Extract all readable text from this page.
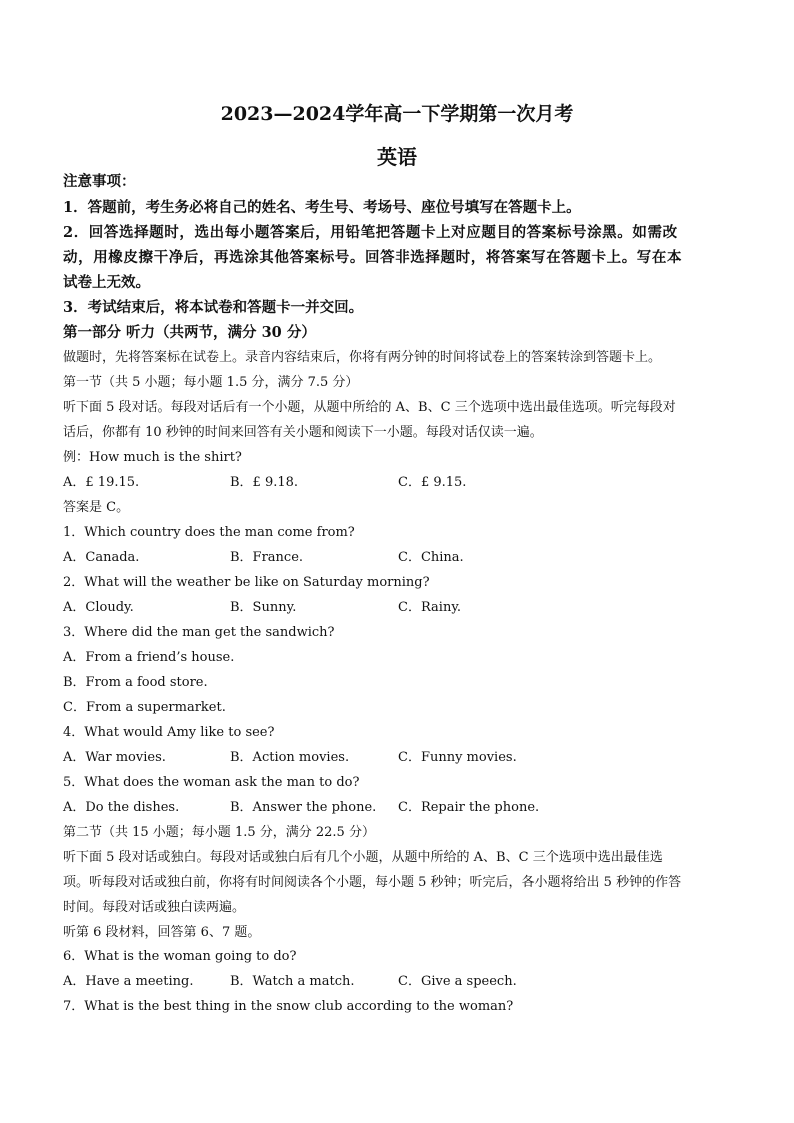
2023—2024学年高一下学期第一次月考
英语
注意事项：
1．答题前，考生务必将自己的姓名、考生号、考场号、座位号填写在答题卡上。
2．回答选择题时，选出每小题答案后，用铅笔把答题卡上对应题目的答案标号涂黑。如需改
动，用橡皮擦干净后，再选涂其他答案标号。回答非选择题时，将答案写在答题卡上。写在本
试卷上无效。
3．考试结束后，将本试卷和答题卡一并交回。
第一部分 听力（共两节，满分 30 分）
做题时，先将答案标在试卷上。录音内容结束后，你将有两分钟的时间将试卷上的答案转涂到答题卡上。
第一节（共 5 小题；每小题 1.5 分，满分 7.5 分）
听下面 5 段对话。每段对话后有一个小题，从题中所给的 A、B、C 三个选项中选出最佳选项。听完每段对
话后，你都有 10 秒钟的时间来回答有关小题和阅读下一小题。每段对话仅读一遍。
例：How much is the shirt?
A．£ 19.15.	B．£ 9.18.	C．£ 9.15.
答案是 C。
1．Which country does the man come from?
A．Canada.	B．France.	C．China.
2．What will the weather be like on Saturday morning?
A．Cloudy.	B．Sunny.	C．Rainy.
3．Where did the man get the sandwich?
A．From a friend’s house.
B．From a food store.
C．From a supermarket.
4．What would Amy like to see?
A．War movies.	B．Action movies.	C．Funny movies.
5．What does the woman ask the man to do?
A．Do the dishes.	B．Answer the phone. C．Repair the phone.
第二节（共 15 小题；每小题 1.5 分，满分 22.5 分）
听下面 5 段对话或独白。每段对话或独白后有几个小题，从题中所给的 A、B、C 三个选项中选出最佳选
项。听每段对话或独白前，你将有时间阅读各个小题，每小题 5 秒钟；听完后，各小题将给出 5 秒钟的作答
时间。每段对话或独白读两遍。
听第 6 段材料，回答第 6、7 题。
6．What is the woman going to do?
A．Have a meeting.	B．Watch a match.	C．Give a speech.
7．What is the best thing in the snow club according to the woman?
